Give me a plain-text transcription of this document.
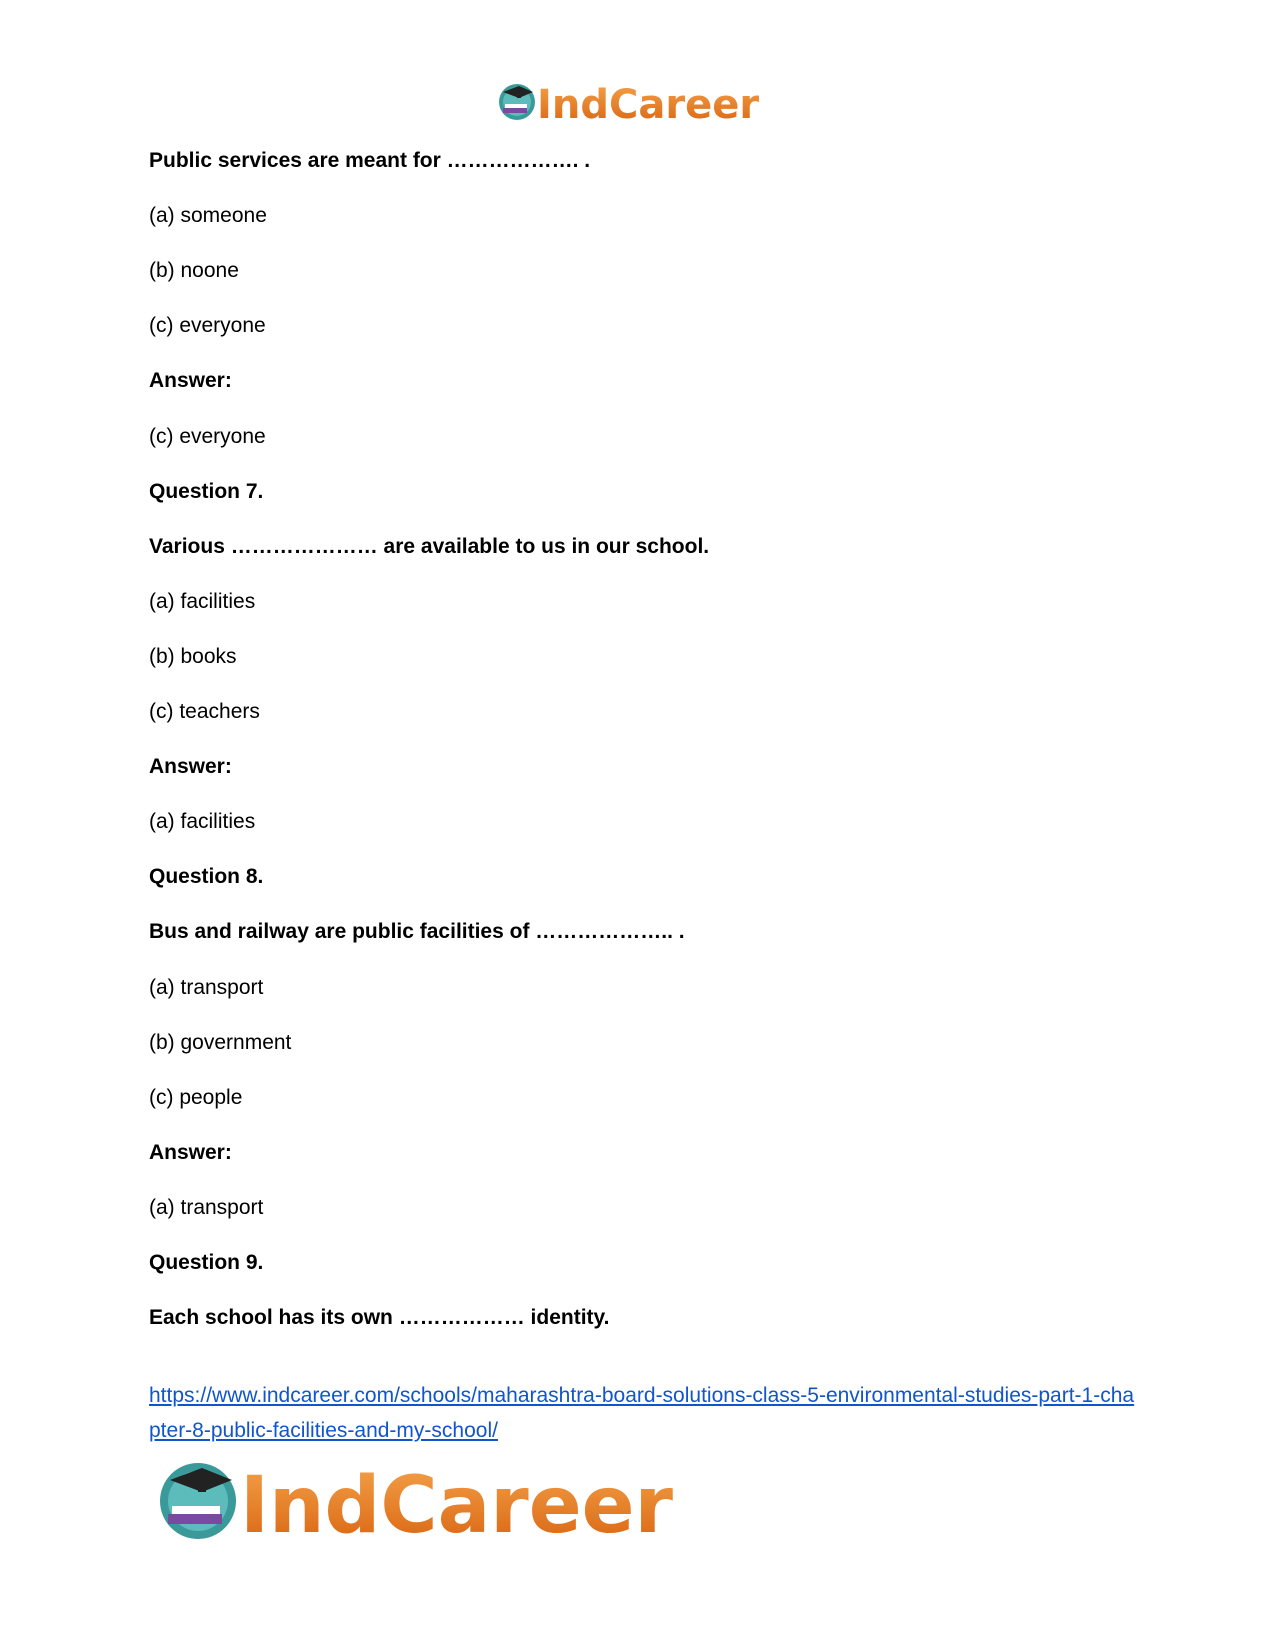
IndCareer
Public services are meant for ………………. .
(a) someone
(b) noone
(c) everyone
Answer:
(c) everyone
Question 7.
Various ………………… are available to us in our school.
(a) facilities
(b) books
(c) teachers
Answer:
(a) facilities
Question 8.
Bus and railway are public facilities of ……………….. .
(a) transport
(b) government
(c) people
Answer:
(a) transport
Question 9.
Each school has its own ……………… identity.
https://www.indcareer.com/schools/maharashtra-board-solutions-class-5-environmental-studies-part-1-chapter-8-public-facilities-and-my-school/
IndCareer
